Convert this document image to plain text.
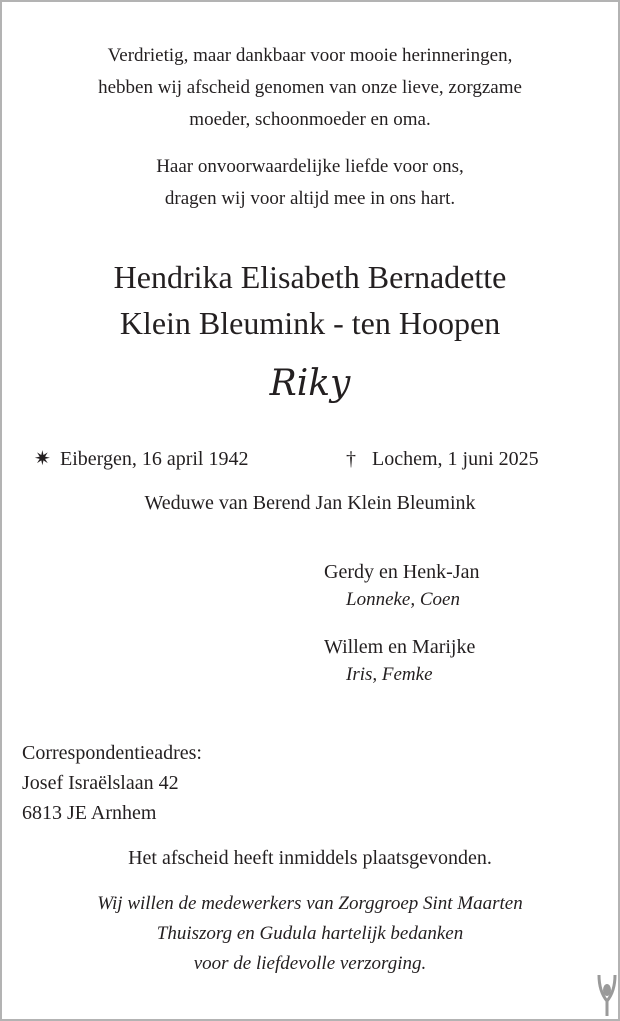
Verdrietig, maar dankbaar voor mooie herinneringen,

hebben wij afscheid genomen van onze lieve, zorgzame

moeder, schoonmoeder en oma.

Haar onvoorwaardelijke liefde voor ons,

dragen wij voor altijd mee in ons hart.

Hendrika Elisabeth Bernadette
Klein Bleumink - ten Hoopen
Riky
✷ Eibergen, 16 april 1942	† Lochem, 1 juni 2025
Weduwe van Berend Jan Klein Bleumink
Gerdy en Henk-Jan
Lonneke, Coen
Willem en Marijke
Iris, Femke
Correspondentieadres:
Josef Israëlslaan 42
6813 JE Arnhem
Het afscheid heeft inmiddels plaatsgevonden.

Wij willen de medewerkers van Zorggroep Sint Maarten

Thuiszorg en Gudula hartelijk bedanken

voor de liefdevolle verzorging.
